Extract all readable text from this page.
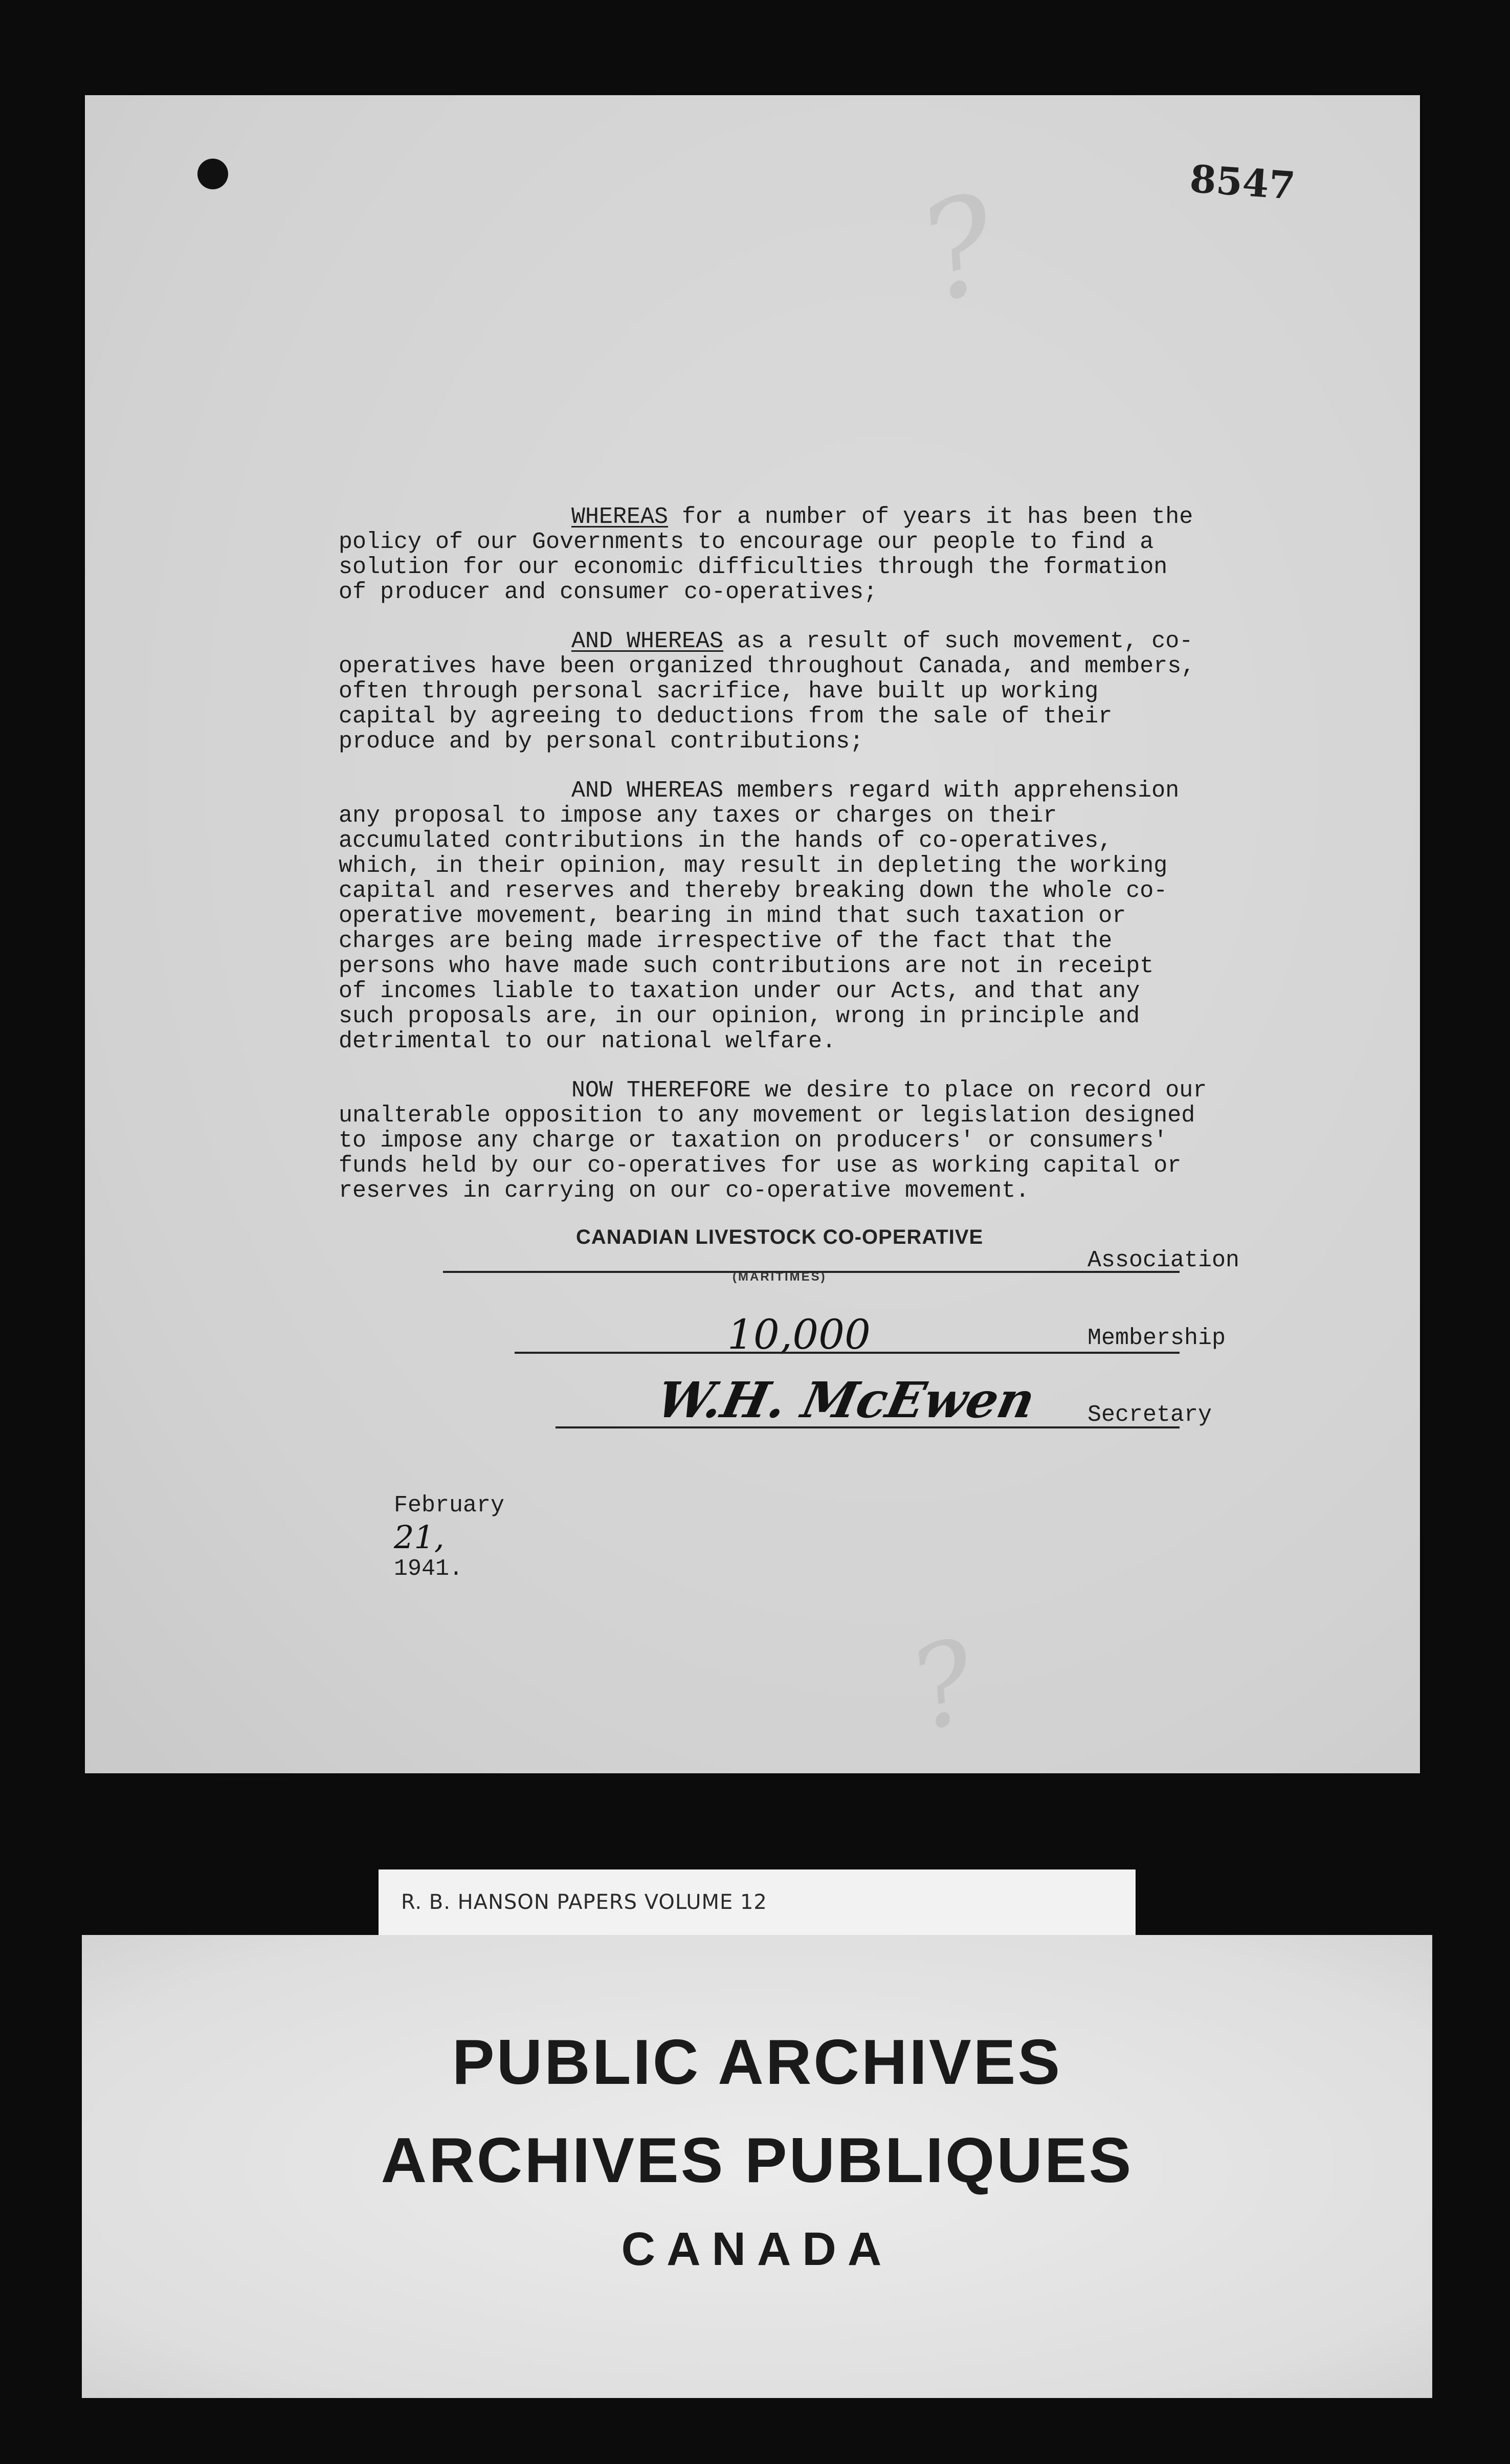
8547
?
?

WHEREAS for a number of years it has been the
policy of our Governments to encourage our people to find a
solution for our economic difficulties through the formation
of producer and consumer co-operatives;

AND WHEREAS as a result of such movement, co-
operatives have been organized throughout Canada, and members,
often through personal sacrifice, have built up working
capital by agreeing to deductions from the sale of their
produce and by personal contributions;

AND WHEREAS members regard with apprehension
any proposal to impose any taxes or charges on their
accumulated contributions in the hands of co-operatives,
which, in their opinion, may result in depleting the working
capital and reserves and thereby breaking down the whole co-
operative movement, bearing in mind that such taxation or
charges are being made irrespective of the fact that the
persons who have made such contributions are not in receipt
of incomes liable to taxation under our Acts, and that any
such proposals are, in our opinion, wrong in principle and
detrimental to our national welfare.

NOW THEREFORE we desire to place on record our
unalterable opposition to any movement or legislation designed
to impose any charge or taxation on producers' or consumers'
funds held by our co-operatives for use as working capital or
reserves in carrying on our co-operative movement.

CANADIAN LIVESTOCK CO-OPERATIVE
(MARITIMES)
Association
10,000	Membership
W.H. McEwen Secretary

February
21,
1941.

R. B. HANSON PAPERS VOLUME 12
PUBLIC ARCHIVES
ARCHIVES PUBLIQUES
CANADA
